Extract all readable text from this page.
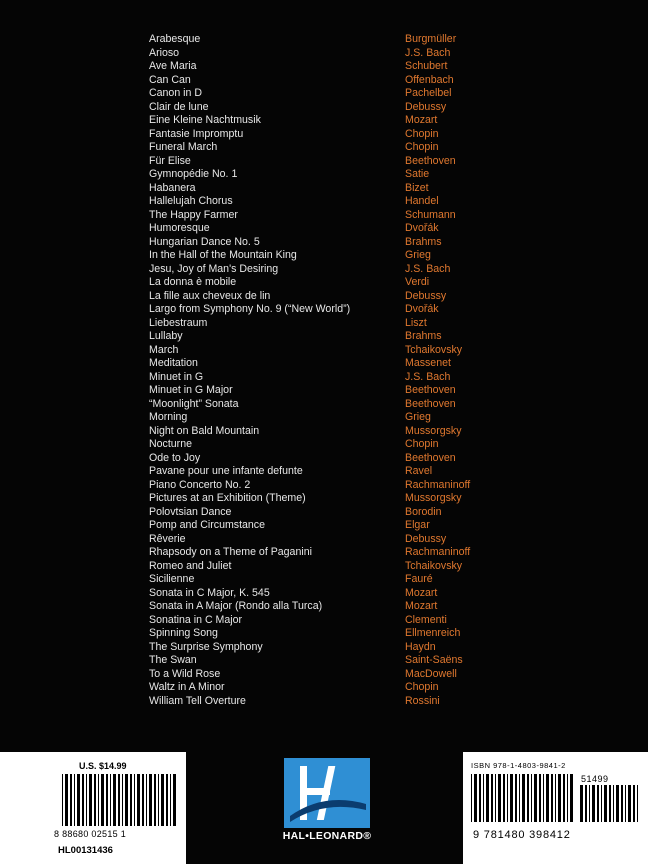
Arabesque	Burgmüller
Arioso	J.S. Bach
Ave Maria	Schubert
Can Can	Offenbach
Canon in D	Pachelbel
Clair de lune	Debussy
Eine Kleine Nachtmusik	Mozart
Fantasie Impromptu	Chopin
Funeral March	Chopin
Für Elise	Beethoven
Gymnopédie No. 1	Satie
Habanera	Bizet
Hallelujah Chorus	Handel
The Happy Farmer	Schumann
Humoresque	Dvořák
Hungarian Dance No. 5	Brahms
In the Hall of the Mountain King	Grieg
Jesu, Joy of Man's Desiring	J.S. Bach
La donna è mobile	Verdi
La fille aux cheveux de lin	Debussy
Largo from Symphony No. 9 (“New World”)	Dvořák
Liebestraum	Liszt
Lullaby	Brahms
March	Tchaikovsky
Meditation	Massenet
Minuet in G	J.S. Bach
Minuet in G Major	Beethoven
“Moonlight” Sonata	Beethoven
Morning	Grieg
Night on Bald Mountain	Mussorgsky
Nocturne	Chopin
Ode to Joy	Beethoven
Pavane pour une infante defunte	Ravel
Piano Concerto No. 2	Rachmaninoff
Pictures at an Exhibition (Theme)	Mussorgsky
Polovtsian Dance	Borodin
Pomp and Circumstance	Elgar
Rêverie	Debussy
Rhapsody on a Theme of Paganini	Rachmaninoff
Romeo and Juliet	Tchaikovsky
Sicilienne	Fauré
Sonata in C Major, K. 545	Mozart
Sonata in A Major (Rondo alla Turca)	Mozart
Sonatina in C Major	Clementi
Spinning Song	Ellmenreich
The Surprise Symphony	Haydn
The Swan	Saint-Saëns
To a Wild Rose	MacDowell
Waltz in A Minor	Chopin
William Tell Overture	Rossini
U.S. $14.99
8 88680 02515 1
HL00131436
HAL•LEONARD®
ISBN 978-1-4803-9841-2
51499
9 781480 398412
